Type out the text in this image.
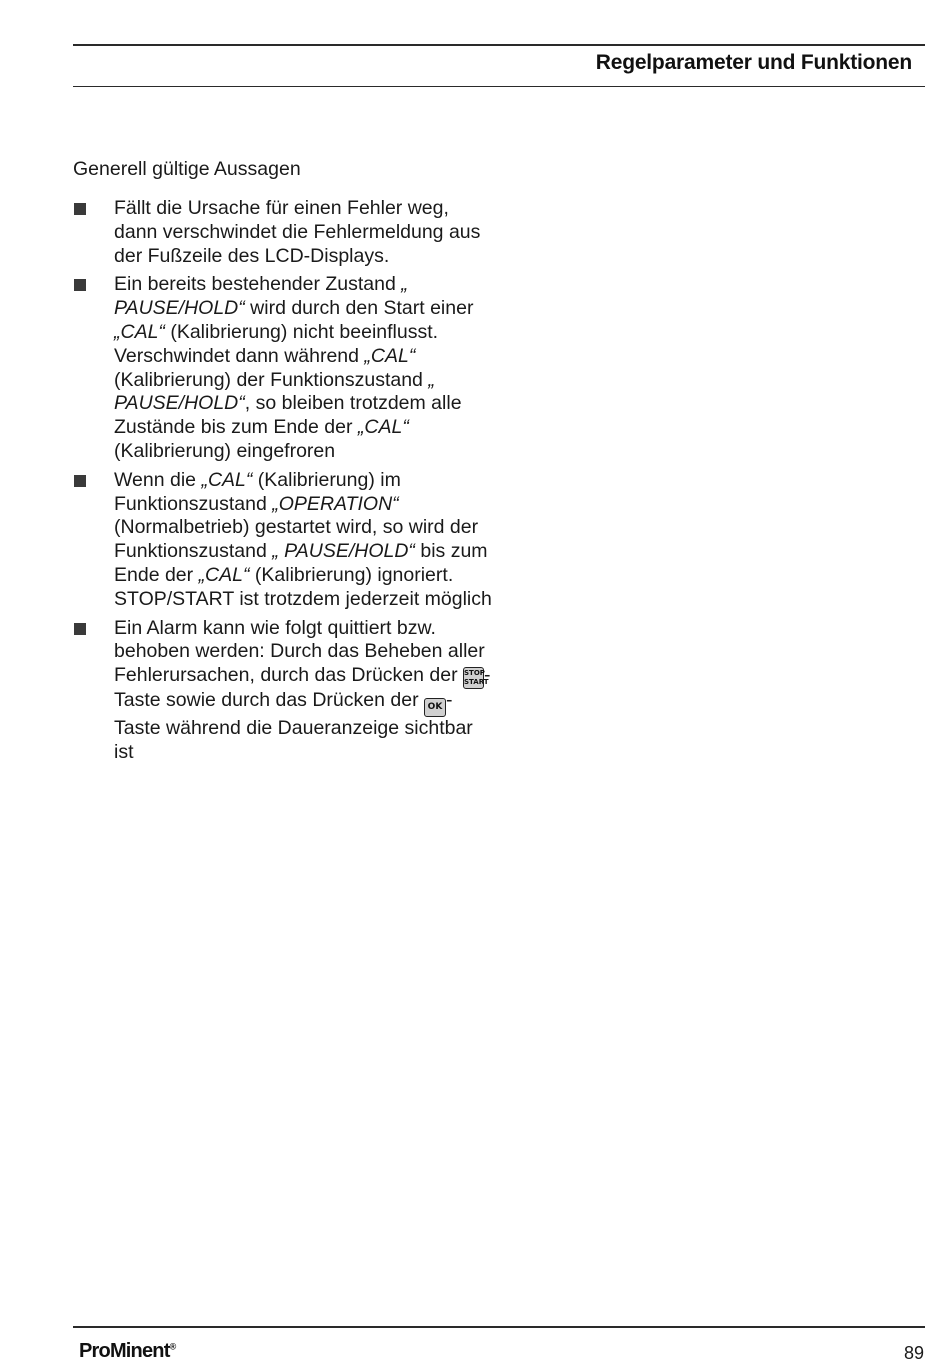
Regelparameter und Funktionen
Generell gültige Aussagen
Fällt die Ursache für einen Fehler weg, dann verschwindet die Fehlermeldung aus der Fußzeile des LCD-Displays.
Ein bereits bestehender Zustand „ PAUSE/HOLD“ wird durch den Start einer „CAL“ (Kalibrierung) nicht beeinflusst. Verschwindet dann während „CAL“ (Kalibrierung) der Funktionszustand „ PAUSE/HOLD“, so bleiben trotzdem alle Zustände bis zum Ende der „CAL“ (Kalibrierung) eingefroren
Wenn die „CAL“ (Kalibrierung) im Funktionszustand „OPERATION“ (Normalbetrieb) gestartet wird, so wird der Funktionszustand „ PAUSE/HOLD“ bis zum Ende der „CAL“ (Kalibrierung) ignoriert. STOP/START ist trotzdem jederzeit möglich
Ein Alarm kann wie folgt quittiert bzw. behoben werden: Durch das Beheben aller Fehlerursachen, durch das Drücken der STOP
START-Taste sowie durch das Drücken der OK -Taste während die Daueranzeige sichtbar ist
ProMinent®	89
